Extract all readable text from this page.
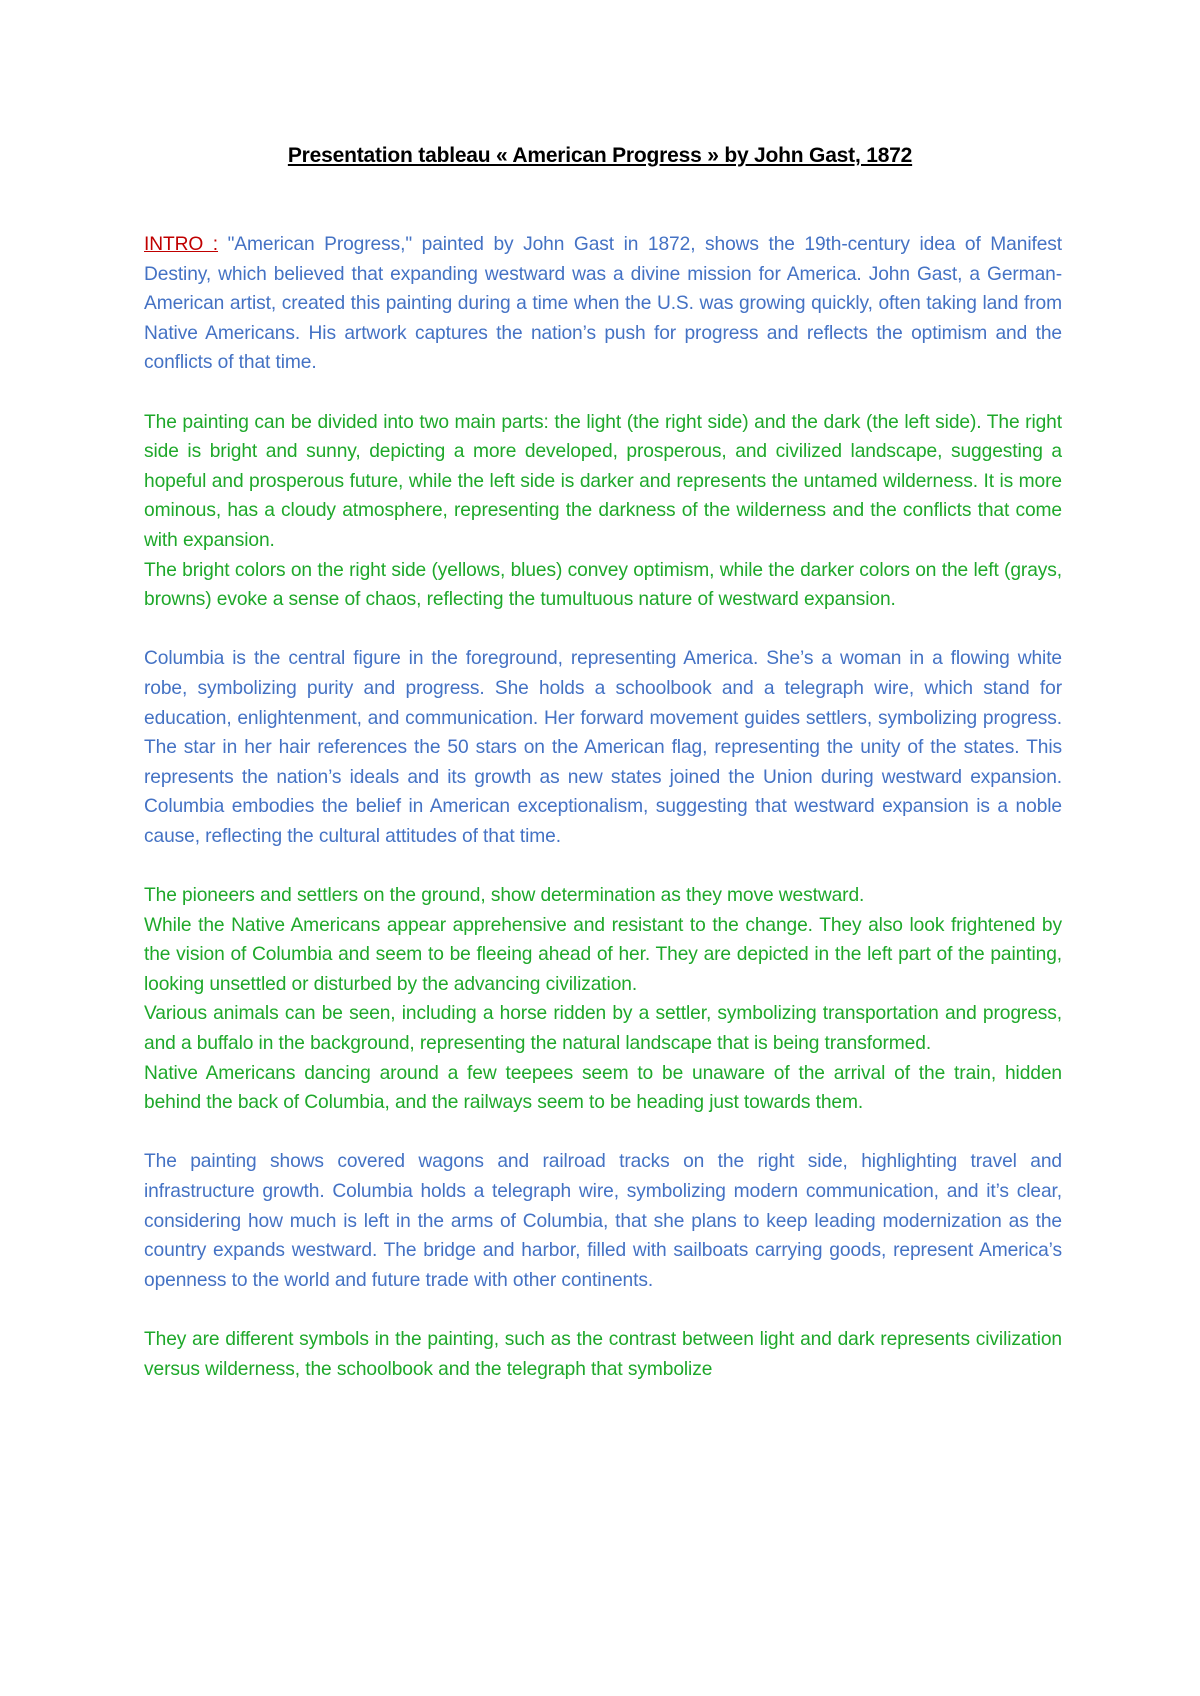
Presentation tableau « American Progress » by John Gast, 1872

INTRO : "American Progress," painted by John Gast in 1872, shows the 19th-century idea of Manifest Destiny, which believed that expanding westward was a divine mission for America. John Gast, a German-American artist, created this painting during a time when the U.S. was growing quickly, often taking land from Native Americans. His artwork captures the nation’s push for progress and reflects the optimism and the conflicts of that time.

The painting can be divided into two main parts: the light (the right side) and the dark (the left side). The right side is bright and sunny, depicting a more developed, prosperous, and civilized landscape, suggesting a hopeful and prosperous future, while the left side is darker and represents the untamed wilderness. It is more ominous, has a cloudy atmosphere, representing the darkness of the wilderness and the conflicts that come with expansion.

The bright colors on the right side (yellows, blues) convey optimism, while the darker colors on the left (grays, browns) evoke a sense of chaos, reflecting the tumultuous nature of westward expansion.

Columbia is the central figure in the foreground, representing America. She’s a woman in a flowing white robe, symbolizing purity and progress. She holds a schoolbook and a telegraph wire, which stand for education, enlightenment, and communication. Her forward movement guides settlers, symbolizing progress. The star in her hair references the 50 stars on the American flag, representing the unity of the states. This represents the nation’s ideals and its growth as new states joined the Union during westward expansion. Columbia embodies the belief in American exceptionalism, suggesting that westward expansion is a noble cause, reflecting the cultural attitudes of that time.

The pioneers and settlers on the ground, show determination as they move westward.

While the Native Americans appear apprehensive and resistant to the change. They also look frightened by the vision of Columbia and seem to be fleeing ahead of her. They are depicted in the left part of the painting, looking unsettled or disturbed by the advancing civilization.

Various animals can be seen, including a horse ridden by a settler, symbolizing transportation and progress, and a buffalo in the background, representing the natural landscape that is being transformed.

Native Americans dancing around a few teepees seem to be unaware of the arrival of the train, hidden behind the back of Columbia, and the railways seem to be heading just towards them.

The painting shows covered wagons and railroad tracks on the right side, highlighting travel and infrastructure growth. Columbia holds a telegraph wire, symbolizing modern communication, and it’s clear, considering how much is left in the arms of Columbia, that she plans to keep leading modernization as the country expands westward. The bridge and harbor, filled with sailboats carrying goods, represent America’s openness to the world and future trade with other continents.

They are different symbols in the painting, such as the contrast between light and dark represents civilization versus wilderness, the schoolbook and the telegraph that symbolize
